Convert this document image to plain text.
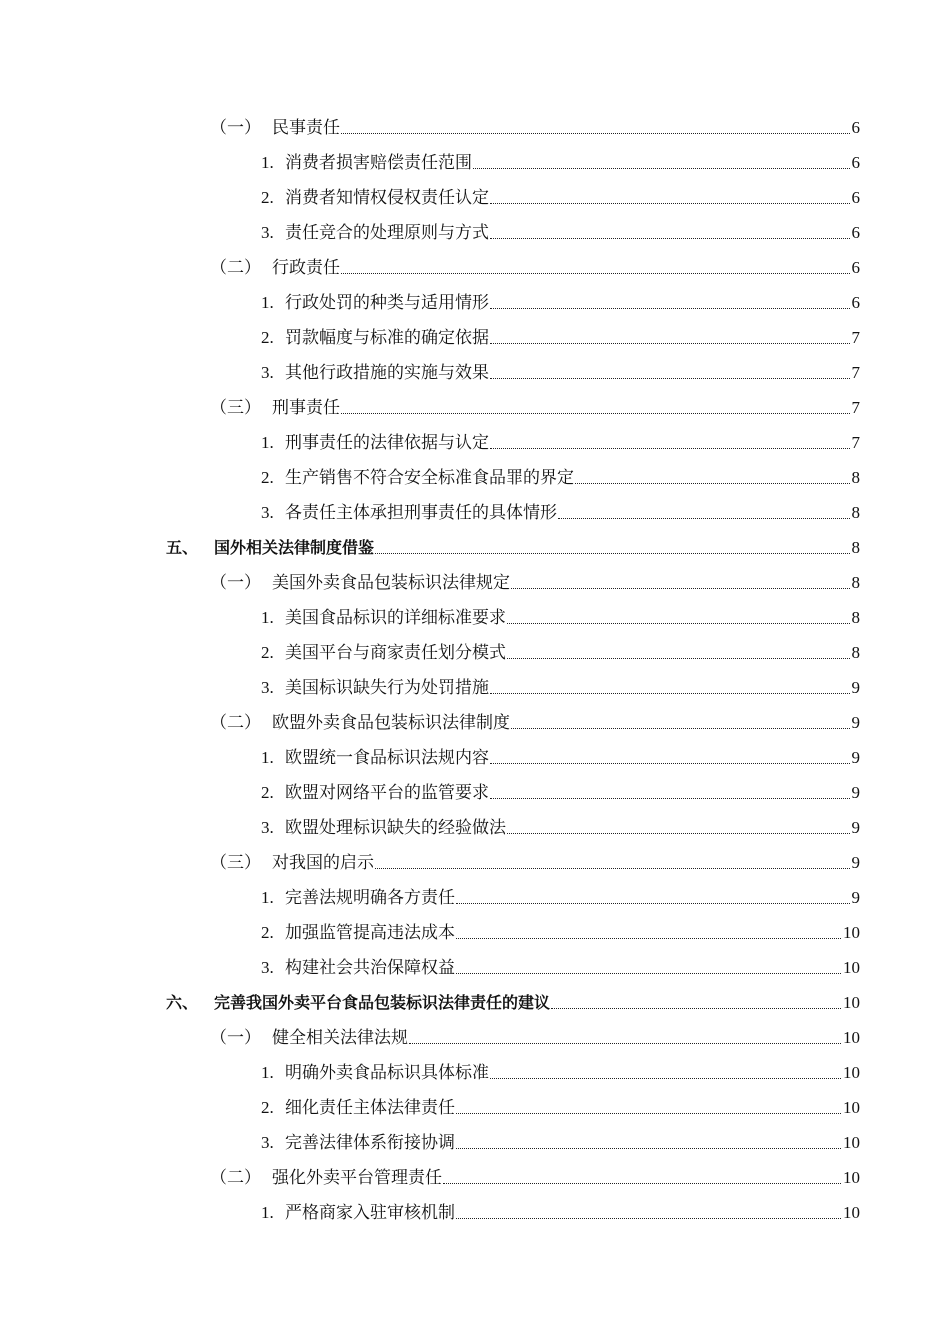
（一） 民事责任	6
1. 消费者损害赔偿责任范围	6
2. 消费者知情权侵权责任认定	6
3. 责任竞合的处理原则与方式	6
（二） 行政责任	6
1. 行政处罚的种类与适用情形	6
2. 罚款幅度与标准的确定依据	7
3. 其他行政措施的实施与效果	7
（三） 刑事责任	7
1. 刑事责任的法律依据与认定	7
2. 生产销售不符合安全标准食品罪的界定	8
3. 各责任主体承担刑事责任的具体情形	8
五、 国外相关法律制度借鉴	8
（一） 美国外卖食品包装标识法律规定	8
1. 美国食品标识的详细标准要求	8
2. 美国平台与商家责任划分模式	8
3. 美国标识缺失行为处罚措施	9
（二） 欧盟外卖食品包装标识法律制度	9
1. 欧盟统一食品标识法规内容	9
2. 欧盟对网络平台的监管要求	9
3. 欧盟处理标识缺失的经验做法	9
（三） 对我国的启示	9
1. 完善法规明确各方责任	9
2. 加强监管提高违法成本	10
3. 构建社会共治保障权益	10
六、 完善我国外卖平台食品包装标识法律责任的建议	10
（一） 健全相关法律法规	10
1. 明确外卖食品标识具体标准	10
2. 细化责任主体法律责任	10
3. 完善法律体系衔接协调	10
（二） 强化外卖平台管理责任	10
1. 严格商家入驻审核机制	10
